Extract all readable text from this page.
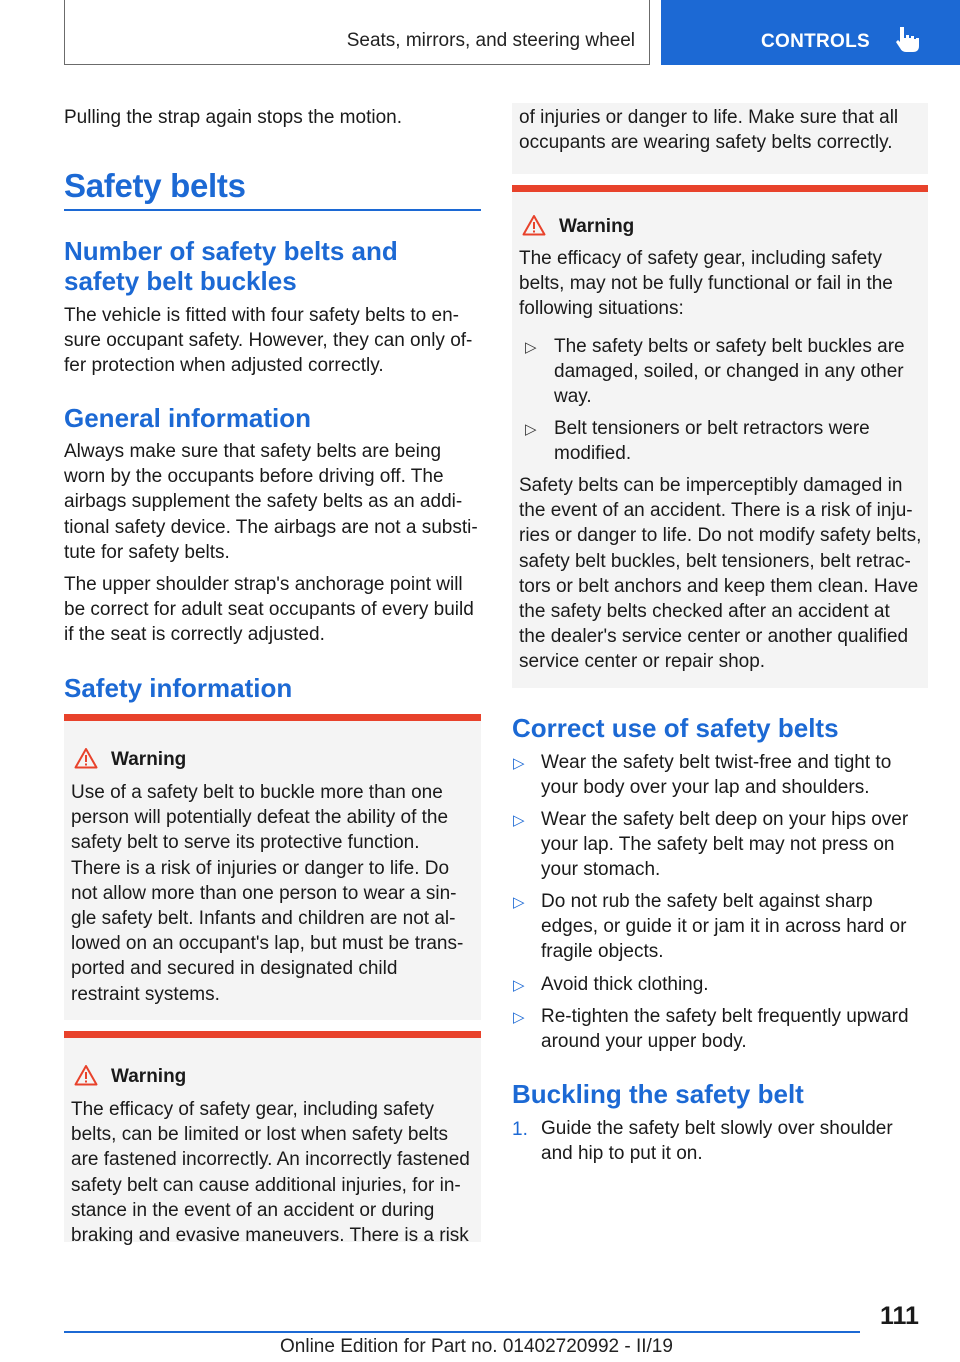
Seats, mirrors, and steering wheel	CONTROLS
Pulling the strap again stops the motion.
Safety belts
Number of safety belts and
safety belt buckles
The vehicle is fitted with four safety belts to en‐
sure occupant safety. However, they can only of‐
fer protection when adjusted correctly.
General information
Always make sure that safety belts are being
worn by the occupants before driving off. The
airbags supplement the safety belts as an addi‐
tional safety device. The airbags are not a substi‐
tute for safety belts.
The upper shoulder strap's anchorage point will
be correct for adult seat occupants of every build
if the seat is correctly adjusted.
Safety information
Warning
Use of a safety belt to buckle more than one
person will potentially defeat the ability of the
safety belt to serve its protective function.
There is a risk of injuries or danger to life. Do
not allow more than one person to wear a sin‐
gle safety belt. Infants and children are not al‐
lowed on an occupant's lap, but must be trans‐
ported and secured in designated child
restraint systems.
Warning
The efficacy of safety gear, including safety
belts, can be limited or lost when safety belts
are fastened incorrectly. An incorrectly fastened
safety belt can cause additional injuries, for in‐
stance in the event of an accident or during
braking and evasive maneuvers. There is a risk
of injuries or danger to life. Make sure that all
occupants are wearing safety belts correctly.
Warning
The efficacy of safety gear, including safety
belts, may not be fully functional or fail in the
following situations:
▷ The safety belts or safety belt buckles are
damaged, soiled, or changed in any other
way.
▷ Belt tensioners or belt retractors were
modified.
Safety belts can be imperceptibly damaged in
the event of an accident. There is a risk of inju‐
ries or danger to life. Do not modify safety belts,
safety belt buckles, belt tensioners, belt retrac‐
tors or belt anchors and keep them clean. Have
the safety belts checked after an accident at
the dealer's service center or another qualified
service center or repair shop.
Correct use of safety belts
▷ Wear the safety belt twist-free and tight to
your body over your lap and shoulders.
▷ Wear the safety belt deep on your hips over
your lap. The safety belt may not press on
your stomach.
▷ Do not rub the safety belt against sharp
edges, or guide it or jam it in across hard or
fragile objects.
▷ Avoid thick clothing.
▷ Re-tighten the safety belt frequently upward
around your upper body.
Buckling the safety belt
1. Guide the safety belt slowly over shoulder
and hip to put it on.
111
Online Edition for Part no. 01402720992 - II/19
